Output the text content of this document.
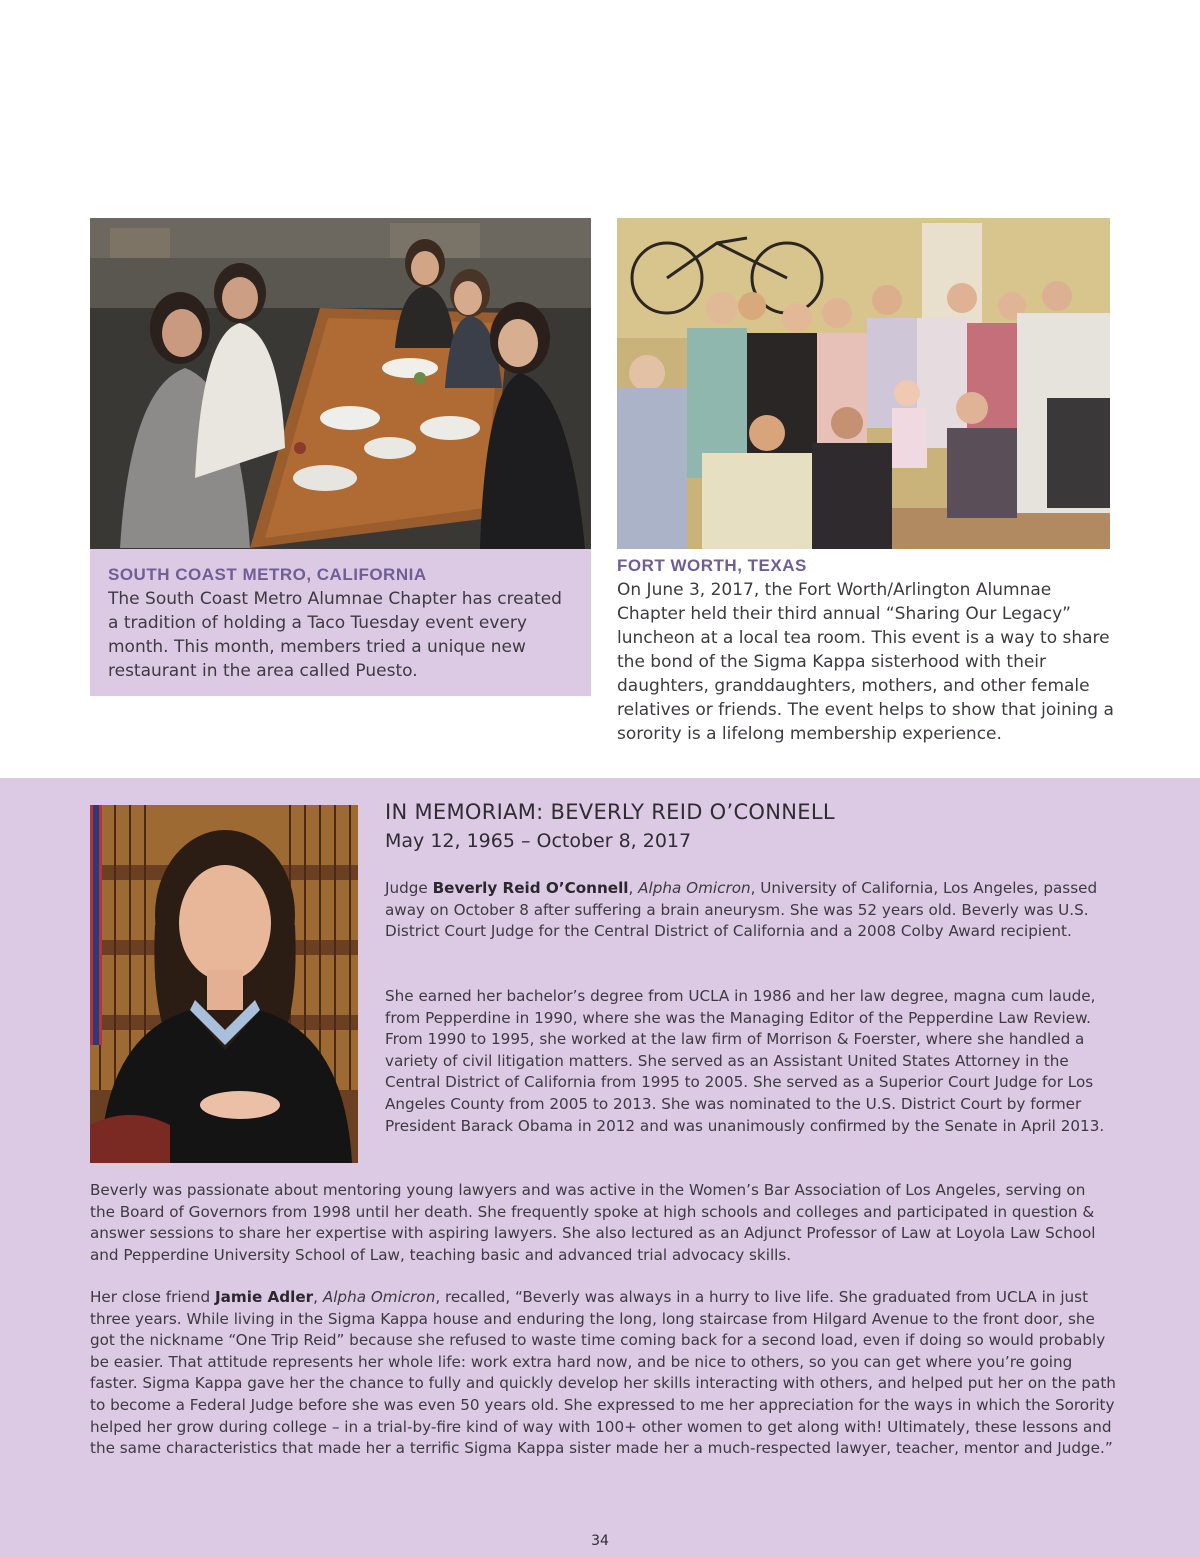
SOUTH COAST METRO, CALIFORNIA

The South Coast Metro Alumnae Chapter has created a tradition of holding a Taco Tuesday event every month. This month, members tried a unique new restaurant in the area called Puesto.

FORT WORTH, TEXAS

On June 3, 2017, the Fort Worth/Arlington Alumnae Chapter held their third annual “Sharing Our Legacy” luncheon at a local tea room. This event is a way to share the bond of the Sigma Kappa sisterhood with their daughters, granddaughters, mothers, and other female relatives or friends. The event helps to show that joining a sorority is a lifelong membership experience.

IN MEMORIAM: BEVERLY REID O’CONNELL

May 12, 1965 – October 8, 2017

Judge Beverly Reid O’Connell, Alpha Omicron, University of California, Los Angeles, passed away on October 8 after suffering a brain aneurysm. She was 52 years old. Beverly was U.S. District Court Judge for the Central District of California and a 2008 Colby Award recipient.

She earned her bachelor’s degree from UCLA in 1986 and her law degree, magna cum laude, from Pepperdine in 1990, where she was the Managing Editor of the Pepperdine Law Review. From 1990 to 1995, she worked at the law firm of Morrison & Foerster, where she handled a variety of civil litigation matters. She served as an Assistant United States Attorney in the Central District of California from 1995 to 2005. She served as a Superior Court Judge for Los Angeles County from 2005 to 2013. She was nominated to the U.S. District Court by former President Barack Obama in 2012 and was unanimously confirmed by the Senate in April 2013.

Beverly was passionate about mentoring young lawyers and was active in the Women’s Bar Association of Los Angeles, serving on the Board of Governors from 1998 until her death. She frequently spoke at high schools and colleges and participated in question & answer sessions to share her expertise with aspiring lawyers. She also lectured as an Adjunct Professor of Law at Loyola Law School and Pepperdine University School of Law, teaching basic and advanced trial advocacy skills.

Her close friend Jamie Adler, Alpha Omicron, recalled, “Beverly was always in a hurry to live life. She graduated from UCLA in just three years. While living in the Sigma Kappa house and enduring the long, long staircase from Hilgard Avenue to the front door, she got the nickname “One Trip Reid” because she refused to waste time coming back for a second load, even if doing so would probably be easier. That attitude represents her whole life: work extra hard now, and be nice to others, so you can get where you’re going faster. Sigma Kappa gave her the chance to fully and quickly develop her skills interacting with others, and helped put her on the path to become a Federal Judge before she was even 50 years old. She expressed to me her appreciation for the ways in which the Sorority helped her grow during college – in a trial-by-fire kind of way with 100+ other women to get along with! Ultimately, these lessons and the same characteristics that made her a terrific Sigma Kappa sister made her a much-respected lawyer, teacher, mentor and Judge.”

34
